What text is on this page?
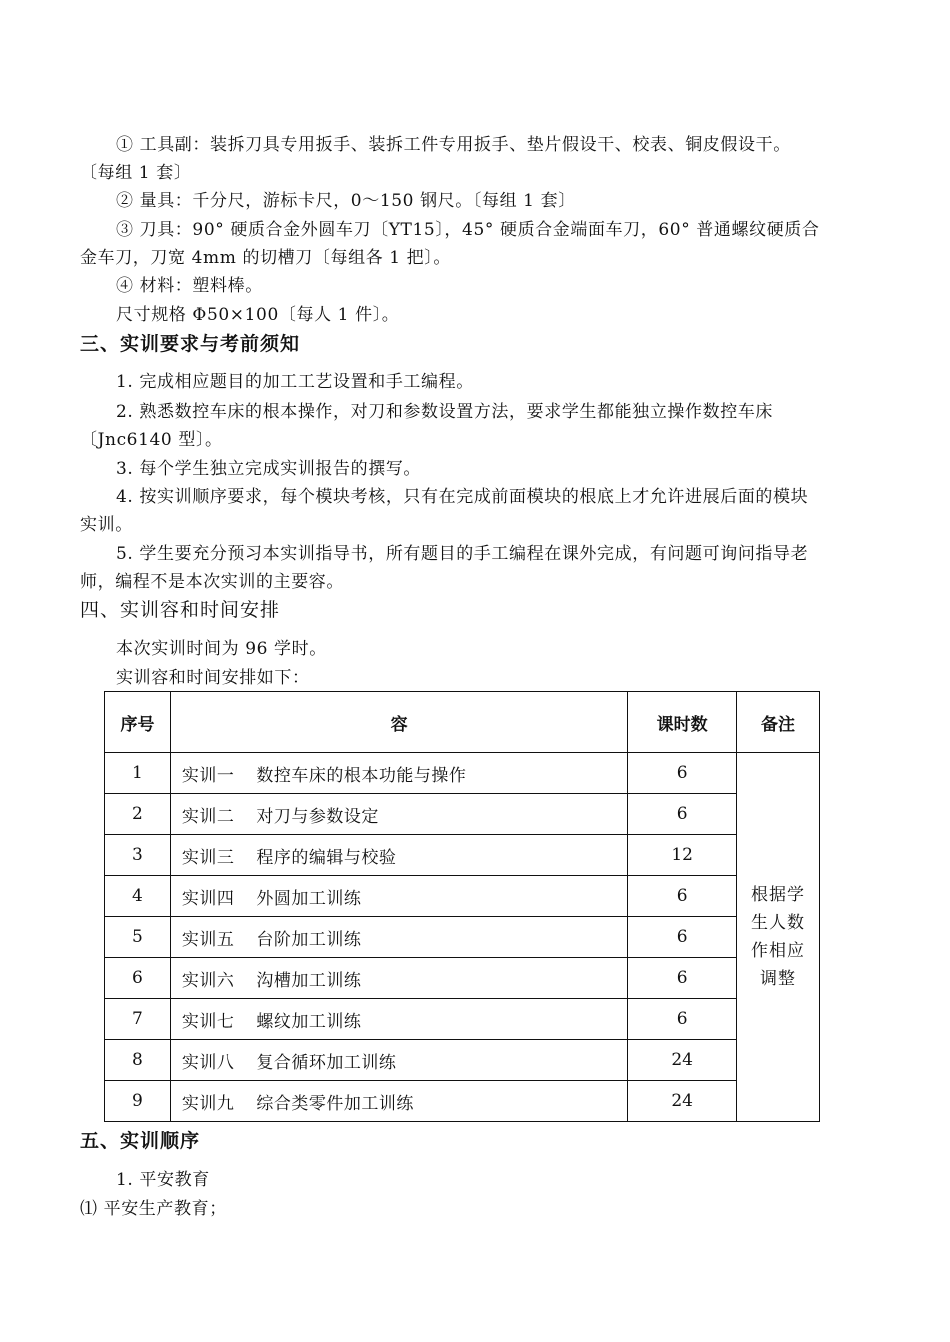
① 工具副：装拆刀具专用扳手、装拆工件专用扳手、垫片假设干、校表、铜皮假设干。
〔每组 1 套〕
② 量具：千分尺，游标卡尺，0～150 钢尺。〔每组 1 套〕
③ 刀具：90° 硬质合金外圆车刀〔YT15〕，45° 硬质合金端面车刀，60° 普通螺纹硬质合
金车刀，刀宽 4mm 的切槽刀〔每组各 1 把〕。
④ 材料：塑料棒。
尺寸规格 Φ50×100〔每人 1 件〕。
三、实训要求与考前须知
1. 完成相应题目的加工工艺设置和手工编程。
2. 熟悉数控车床的根本操作，对刀和参数设置方法，要求学生都能独立操作数控车床
〔Jnc6140 型〕。
3. 每个学生独立完成实训报告的撰写。
4. 按实训顺序要求，每个模块考核，只有在完成前面模块的根底上才允许进展后面的模块
实训。
5. 学生要充分预习本实训指导书，所有题目的手工编程在课外完成，有问题可询问指导老
师，编程不是本次实训的主要容。
四、实训容和时间安排
本次实训时间为 96 学时。
实训容和时间安排如下：
序号	容	课时数	备注
1	实训一 数控车床的根本功能与操作	6	根据学
生人数
作相应
调整
2	实训二 对刀与参数设定	6	
3	实训三 程序的编辑与校验	12	
4	实训四 外圆加工训练	6	
5	实训五 台阶加工训练	6	
6	实训六 沟槽加工训练	6	
7	实训七 螺纹加工训练	6	
8	实训八 复合循环加工训练	24	
9	实训九 综合类零件加工训练	24	
五、实训顺序
1. 平安教育
⑴ 平安生产教育；
